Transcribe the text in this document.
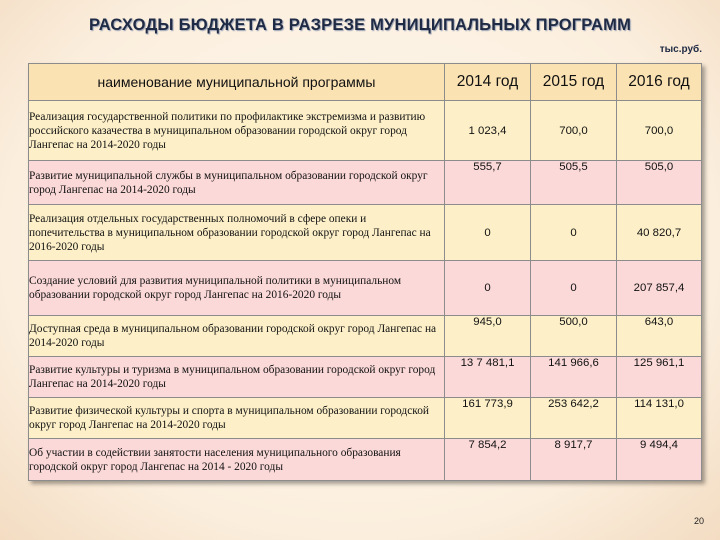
РАСХОДЫ БЮДЖЕТА В РАЗРЕЗЕ МУНИЦИПАЛЬНЫХ ПРОГРАММ
тыс.руб.
наименование муниципальной программы	2014 год	2015 год	2016 год
Реализация государственной политики по профилактике экстремизма и развитию российского казачества в муниципальном образовании городской округ город Лангепас на 2014-2020 годы	1 023,4	700,0	700,0
Развитие муниципальной службы в муниципальном образовании городской округ город Лангепас на 2014-2020 годы	555,7	505,5	505,0
Реализация отдельных государственных полномочий в сфере опеки и попечительства в муниципальном образовании городской округ город Лангепас на 2016-2020 годы	0	0	40 820,7
Создание условий для развития муниципальной политики в муниципальном образовании городской округ город Лангепас на 2016-2020 годы	0	0	207 857,4
Доступная среда в муниципальном образовании городской округ город Лангепас на 2014-2020 годы	945,0	500,0	643,0
Развитие культуры и туризма в муниципальном образовании городской округ город Лангепас на 2014-2020 годы	13 7 481,1	141 966,6	125 961,1
Развитие физической культуры и спорта в муниципальном образовании городской округ город Лангепас на 2014-2020 годы	161 773,9	253 642,2	114 131,0
Об участии в содействии занятости населения муниципального образования городской округ город Лангепас на 2014 - 2020 годы	7 854,2	8 917,7	9 494,4
20
